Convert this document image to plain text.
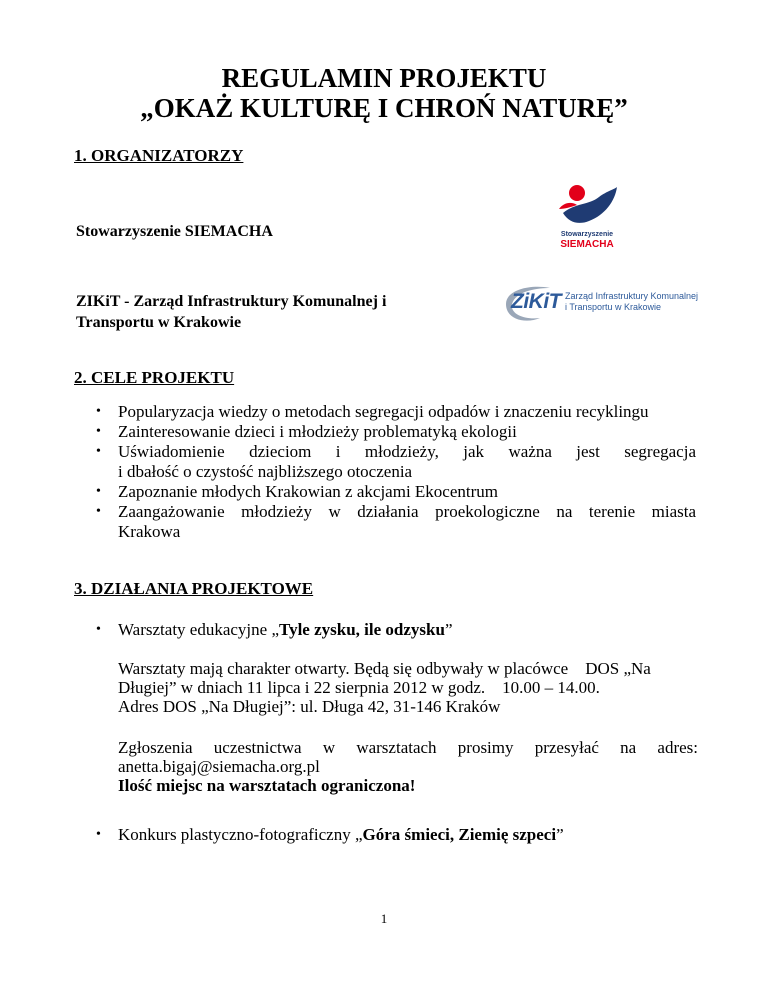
REGULAMIN PROJEKTU
„OKAŻ KULTURĘ I CHROŃ NATURĘ”
1. ORGANIZATORZY
Stowarzyszenie SIEMACHA	Stowarzyszenie
SIEMACHA
ZIKiT - Zarząd Infrastruktury Komunalnej i
Transportu w Krakowie
ZiKiT Zarząd Infrastruktury Komunalnej
i Transportu w Krakowie
2. CELE PROJEKTU
• Popularyzacja wiedzy o metodach segregacji odpadów i znaczeniu recyklingu
• Zainteresowanie dzieci i młodzieży problematyką ekologii
• Uświadomienie dzieciom i młodzieży, jak ważna jest segregacja
i dbałość o czystość najbliższego otoczenia
• Zapoznanie młodych Krakowian z akcjami Ekocentrum
• Zaangażowanie młodzieży w działania proekologiczne na terenie miasta
Krakowa
3. DZIAŁANIA PROJEKTOWE
• Warsztaty edukacyjne „Tyle zysku, ile odzysku”
Warsztaty mają charakter otwarty. Będą się odbywały w placówce    DOS „Na
Długiej” w dniach 11 lipca i 22 sierpnia 2012 w godz.    10.00 – 14.00.
Adres DOS „Na Długiej”: ul. Długa 42, 31-146 Kraków
Zgłoszenia uczestnictwa w warsztatach prosimy przesyłać na adres:
anetta.bigaj@siemacha.org.pl
Ilość miejsc na warsztatach ograniczona!
• Konkurs plastyczno-fotograficzny „Góra śmieci, Ziemię szpeci”
1
